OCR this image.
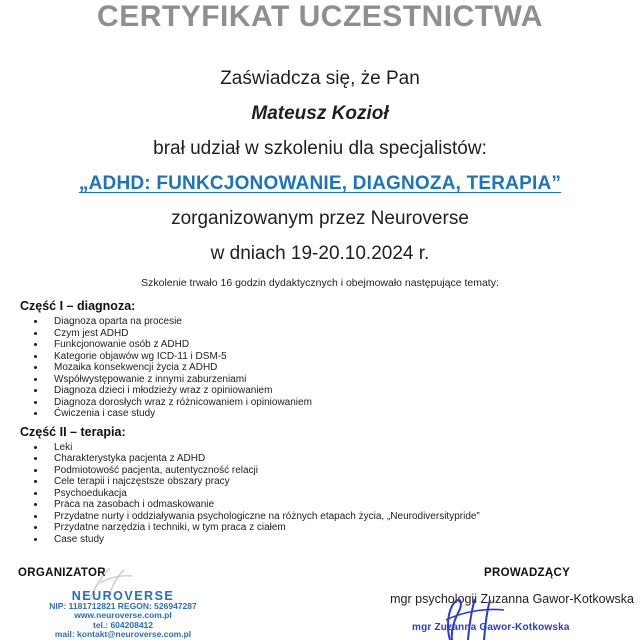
CERTYFIKAT UCZESTNICTWA

Zaświadcza się, że Pan

Mateusz Kozioł

brał udział w szkoleniu dla specjalistów:

„ADHD: FUNKCJONOWANIE, DIAGNOZA, TERAPIA”

zorganizowanym przez Neuroverse

w dniach 19-20.10.2024 r.

Szkolenie trwało 16 godzin dydaktycznych i obejmowało następujące tematy:

Część I – diagnoza:
• Diagnoza oparta na procesie
• Czym jest ADHD
• Funkcjonowanie osób z ADHD
• Kategorie objawów wg ICD-11 i DSM-5
• Mozaika konsekwencji życia z ADHD
• Współwystępowanie z innymi zaburzeniami
• Diagnoza dzieci i młodzieży wraz z opiniowaniem
• Diagnoza dorosłych wraz z różnicowaniem i opiniowaniem
• Ćwiczenia i case study
Część II – terapia:
• Leki
• Charakterystyka pacjenta z ADHD
• Podmiotowość pacjenta, autentyczność relacji
• Cele terapii i najczęstsze obszary pracy
• Psychoedukacja
• Praca na zasobach i odmaskowanie
• Przydatne nurty i oddziaływania psychologiczne na różnych etapach życia, „Neurodiversitypride”
• Przydatne narzędzia i techniki, w tym praca z ciałem
• Case study
ORGANIZATOR
NEUROVERSE
NIP: 1181712821 REGON: 526947287
www.neuroverse.com.pl
tel.: 604208412
mail: kontakt@neuroverse.com.pl
PROWADZĄCY
mgr psychologii Zuzanna Gawor-Kotkowska
mgr Zuzanna Gawor-Kotkowska
